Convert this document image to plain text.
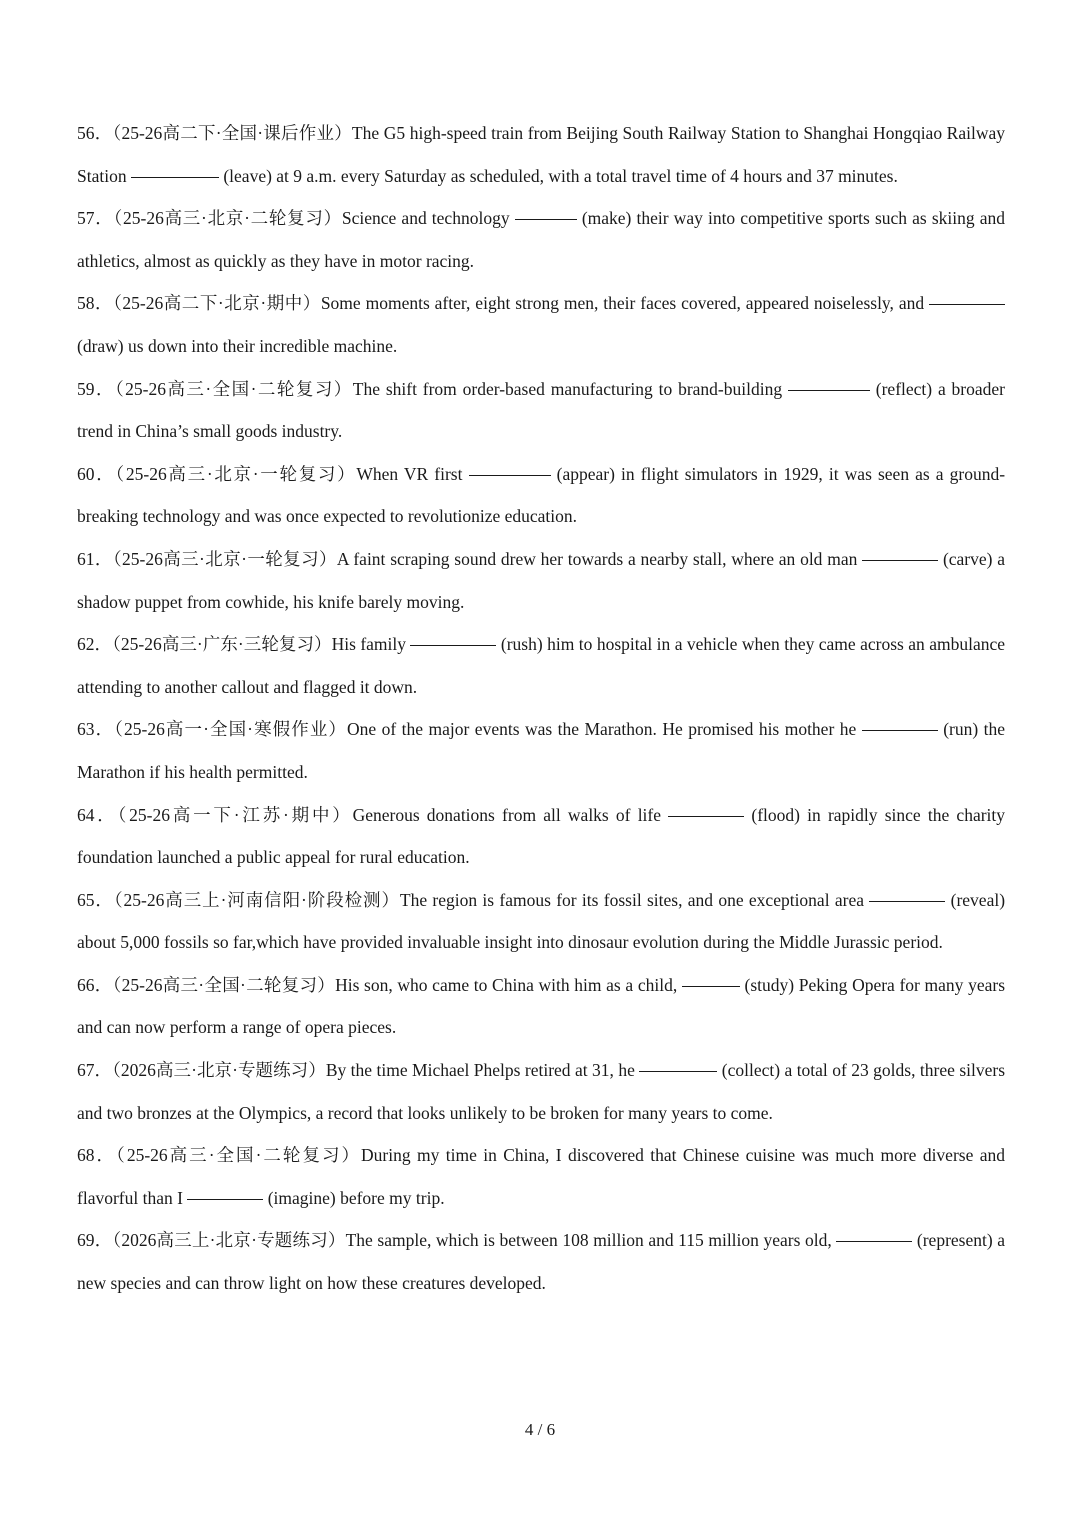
56．（25-26高二下·全国·课后作业）The G5 high-speed train from Beijing South Railway Station to Shanghai Hongqiao Railway Station	(leave) at 9 a.m. every Saturday as scheduled, with a total travel time of 4 hours and 37 minutes.

57．（25-26高三·北京·二轮复习）Science and technology	(make) their way into competitive sports such as skiing and athletics, almost as quickly as they have in motor racing.

58．（25-26高二下·北京·期中）Some moments after, eight strong men, their faces covered, appeared noiselessly, and  (draw) us down into their incredible machine.

59．（25-26高三·全国·二轮复习）The shift from order-based manufacturing to brand-building	(reflect) a broader trend in China’s small goods industry.

60．（25-26高三·北京·一轮复习）When VR first	(appear) in flight simulators in 1929, it was seen as a ground-breaking technology and was once expected to revolutionize education.

61．（25-26高三·北京·一轮复习）A faint scraping sound drew her towards a nearby stall, where an old man	(carve) a shadow puppet from cowhide, his knife barely moving.

62．（25-26高三·广东·三轮复习）His family	(rush) him to hospital in a vehicle when they came across an ambulance attending to another callout and flagged it down.

63．（25-26高一·全国·寒假作业）One of the major events was the Marathon. He promised his mother he	(run) the Marathon if his health permitted.

64．（25-26高一下·江苏·期中）Generous donations from all walks of life	(flood) in rapidly since the charity foundation launched a public appeal for rural education.

65．（25-26高三上·河南信阳·阶段检测）The region is famous for its fossil sites, and one exceptional area	(reveal) about 5,000 fossils so far,which have provided invaluable insight into dinosaur evolution during the Middle Jurassic period.

66．（25-26高三·全国·二轮复习）His son, who came to China with him as a child,	(study) Peking Opera for many years and can now perform a range of opera pieces.

67．（2026高三·北京·专题练习）By the time Michael Phelps retired at 31, he	(collect) a total of 23 golds, three silvers and two bronzes at the Olympics, a record that looks unlikely to be broken for many years to come.

68．（25-26高三·全国·二轮复习）During my time in China, I discovered that Chinese cuisine was much more diverse and flavorful than I	(imagine) before my trip.

69．（2026高三上·北京·专题练习）The sample, which is between 108 million and 115 million years old,	(represent) a new species and can throw light on how these creatures developed.

4 / 6
